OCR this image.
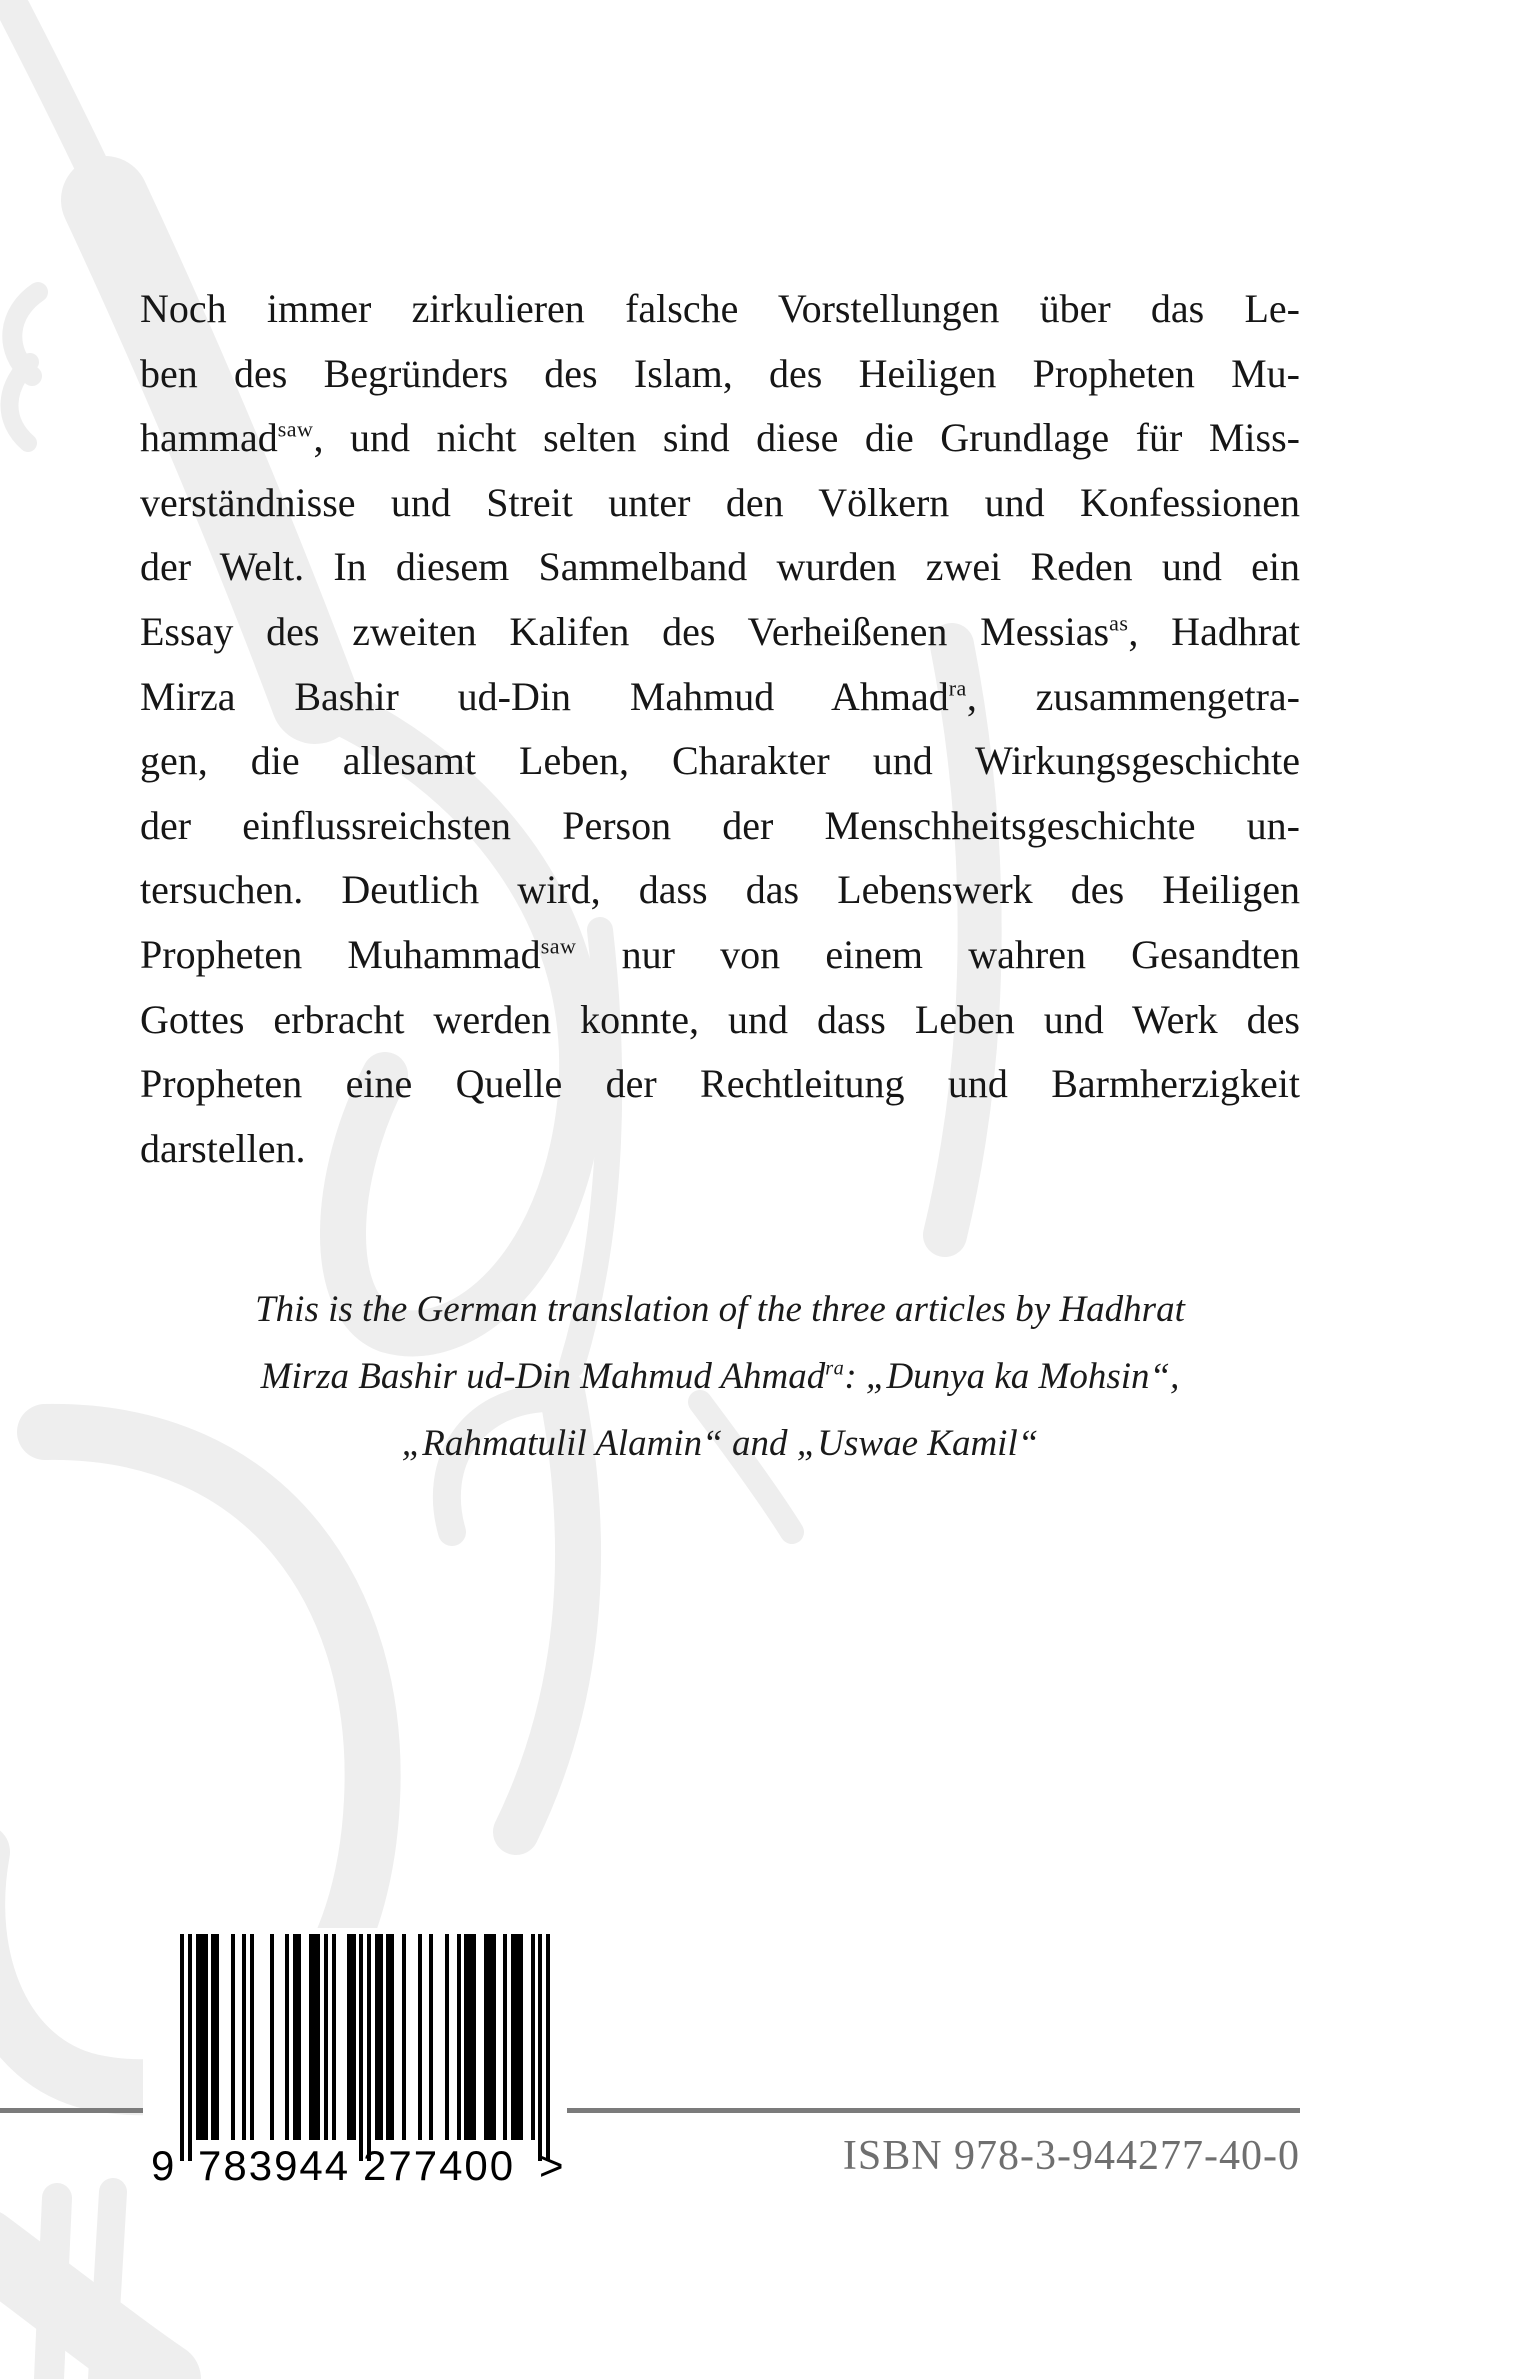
Noch immer zirkulieren falsche Vorstellungen über das Le-
ben des Begründers des Islam, des Heiligen Propheten Mu-
hammad$^{saw}$, und nicht selten sind diese die Grundlage für Miss-
verständnisse und Streit unter den Völkern und Konfessionen
der Welt. In diesem Sammelband wurden zwei Reden und ein
Essay des zweiten Kalifen des Verheißenen Messias$^{as}$, Hadhrat
Mirza Bashir ud-Din Mahmud Ahmad$^{ra}$, zusammengetra-
gen, die allesamt Leben, Charakter und Wirkungsgeschichte
der einflussreichsten Person der Menschheitsgeschichte un-
tersuchen. Deutlich wird, dass das Lebenswerk des Heiligen
Propheten Muhammad$^{saw}$ nur von einem wahren Gesandten
Gottes erbracht werden konnte, und dass Leben und Werk des
Propheten eine Quelle der Rechtleitung und Barmherzigkeit
darstellen.
This is the German translation of the three articles by Hadhrat
Mirza Bashir ud-Din Mahmud Ahmad$^{ra}$: „Dunya ka Mohsin“,
„Rahmatulil Alamin“ and „Uswae Kamil“
9 783944 277400 >	ISBN 978-3-944277-40-0
